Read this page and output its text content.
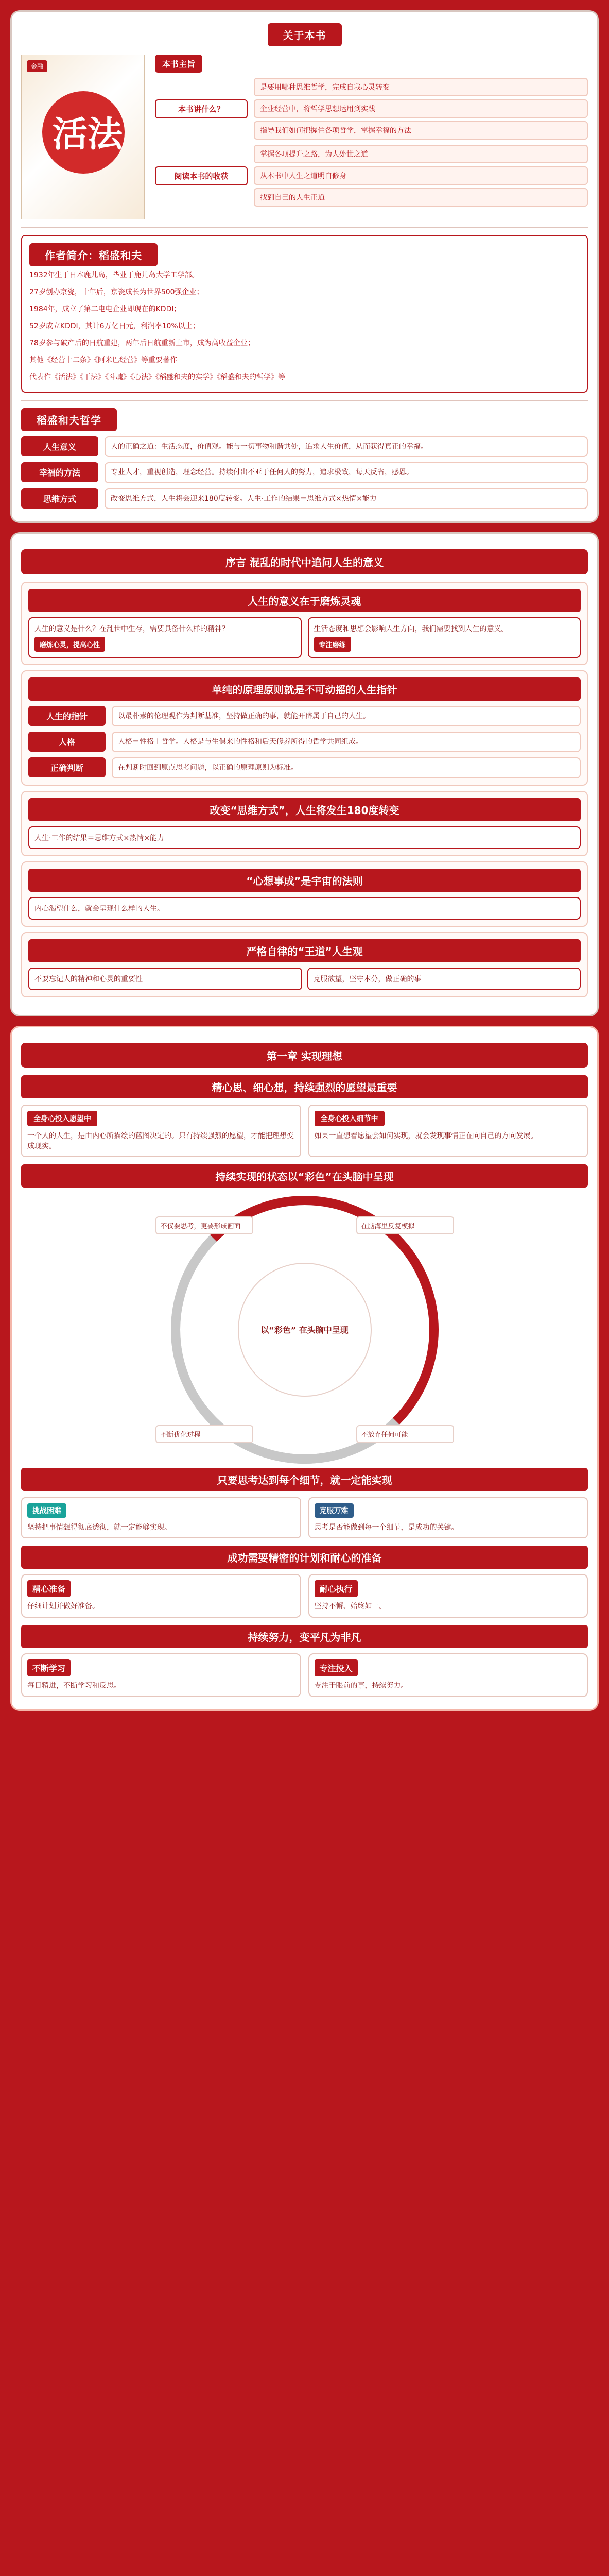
关于本书
金融
活法
本书主旨
本书讲什么？
是要用哪种思维哲学，完成自我心灵转变
企业经营中，将哲学思想运用到实践
指导我们如何把握住各项哲学，掌握幸福的方法
阅读本书的收获
掌握各项提升之路，为人处世之道
从本书中人生之道明白修身
找到自己的人生正道
作者简介：稻盛和夫
1932年生于日本鹿儿岛，毕业于鹿儿岛大学工学部。
27岁创办京瓷，十年后，京瓷成长为世界500强企业；
1984年，成立了第二电电企业即现在的KDDI；
52岁成立KDDI，其计6万亿日元，利润率10%以上；
78岁参与破产后的日航重建，两年后日航重新上市，成为高收益企业；
其他《经营十二条》《阿米巴经营》等重要著作
代表作《活法》《干法》《斗魂》《心法》《稻盛和夫的实学》《稻盛和夫的哲学》等
稻盛和夫哲学
人生意义	人的正确之道：生活态度，价值观。能与一切事物和谐共处，追求人生价值，从而获得真正的幸福。
幸福的方法	专业人才，重视创造，理念经营。持续付出不亚于任何人的努力，追求极致，每天反省，感恩。
思维方式	改变思维方式，人生将会迎来180度转变。人生·工作的结果＝思维方式×热情×能力
序言 混乱的时代中追问人生的意义
人生的意义在于磨炼灵魂
人生的意义是什么？在乱世中生存，需要具备什么样的精神？
磨炼心灵，提高心性
生活态度和思想会影响人生方向，我们需要找到人生的意义。
专注磨练
单纯的原理原则就是不可动摇的人生指针
人生的指针	以最朴素的伦理观作为判断基准，坚持做正确的事，就能开辟属于自己的人生。
人格	人格＝性格＋哲学。人格是与生俱来的性格和后天修养所得的哲学共同组成。
正确判断	在判断时回到原点思考问题，以正确的原理原则为标准。
改变“思维方式”，人生将发生180度转变
人生·工作的结果＝思维方式×热情×能力
“心想事成”是宇宙的法则
内心渴望什么，就会呈现什么样的人生。
严格自律的“王道”人生观
不要忘记人的精神和心灵的重要性	克服欲望，坚守本分，做正确的事
第一章 实现理想
精心思、细心想，持续强烈的愿望最重要
全身心投入愿望中
一个人的人生，是由内心所描绘的蓝图决定的。只有持续强烈的愿望，才能把理想变成现实。
全身心投入细节中
如果一直想着愿望会如何实现，就会发现事情正在向自己的方向发展。
持续实现的状态以“彩色”在头脑中呈现
以“彩色” 在头脑中呈现
不仅要思考，更要形成画面	在脑海里反复模拟
不断优化过程	不放弃任何可能
只要思考达到每个细节，就一定能实现
挑战困难
坚持把事情想得彻底透彻，就一定能够实现。
克服万难
思考是否能做到每一个细节，是成功的关键。
成功需要精密的计划和耐心的准备
精心准备
仔细计划并做好准备。
耐心执行
坚持不懈、始终如一。
持续努力，变平凡为非凡
不断学习
每日精进，不断学习和反思。
专注投入
专注于眼前的事，持续努力。
